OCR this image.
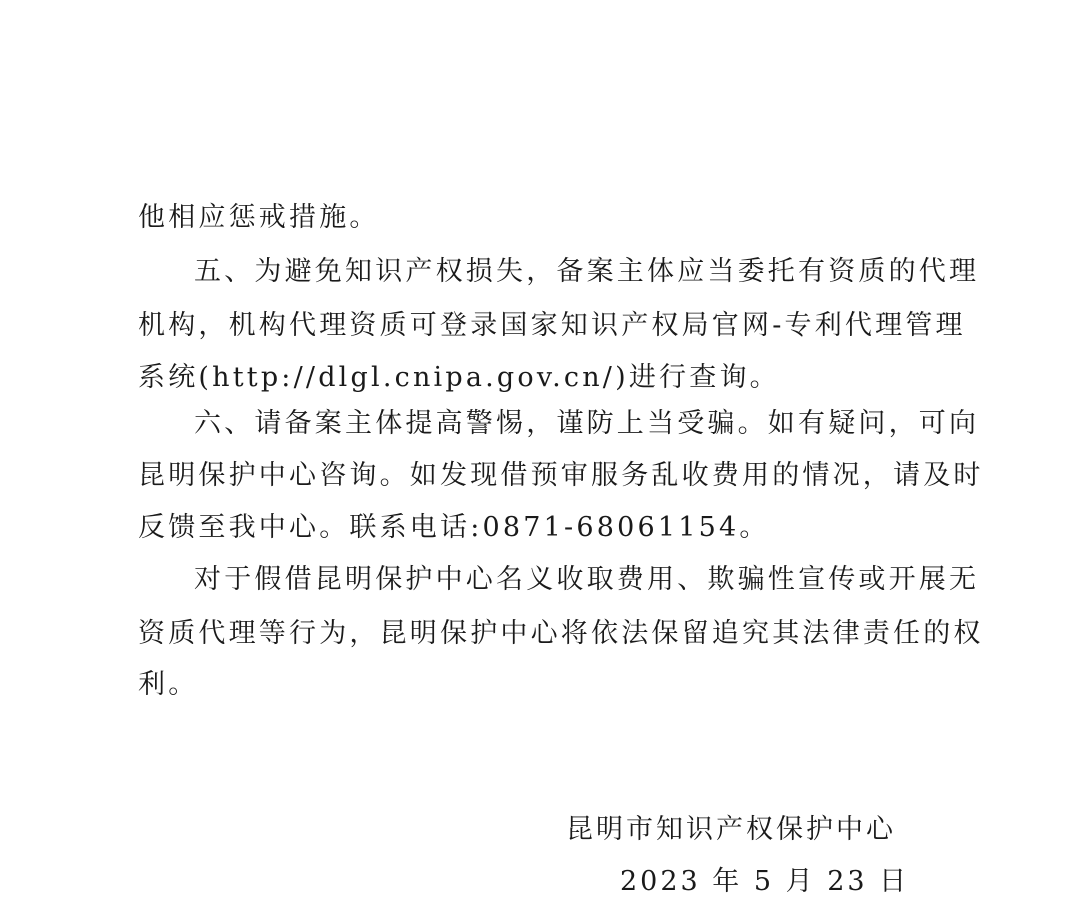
他相应惩戒措施。
五、为避免知识产权损失，备案主体应当委托有资质的代理
机构，机构代理资质可登录国家知识产权局官网-专利代理管理
系统(http://dlgl.cnipa.gov.cn/)进行查询。
六、请备案主体提高警惕，谨防上当受骗。如有疑问，可向
昆明保护中心咨询。如发现借预审服务乱收费用的情况，请及时
反馈至我中心。联系电话:0871-68061154。
对于假借昆明保护中心名义收取费用、欺骗性宣传或开展无
资质代理等行为，昆明保护中心将依法保留追究其法律责任的权
利。
昆明市知识产权保护中心
2023 年 5 月 23 日
